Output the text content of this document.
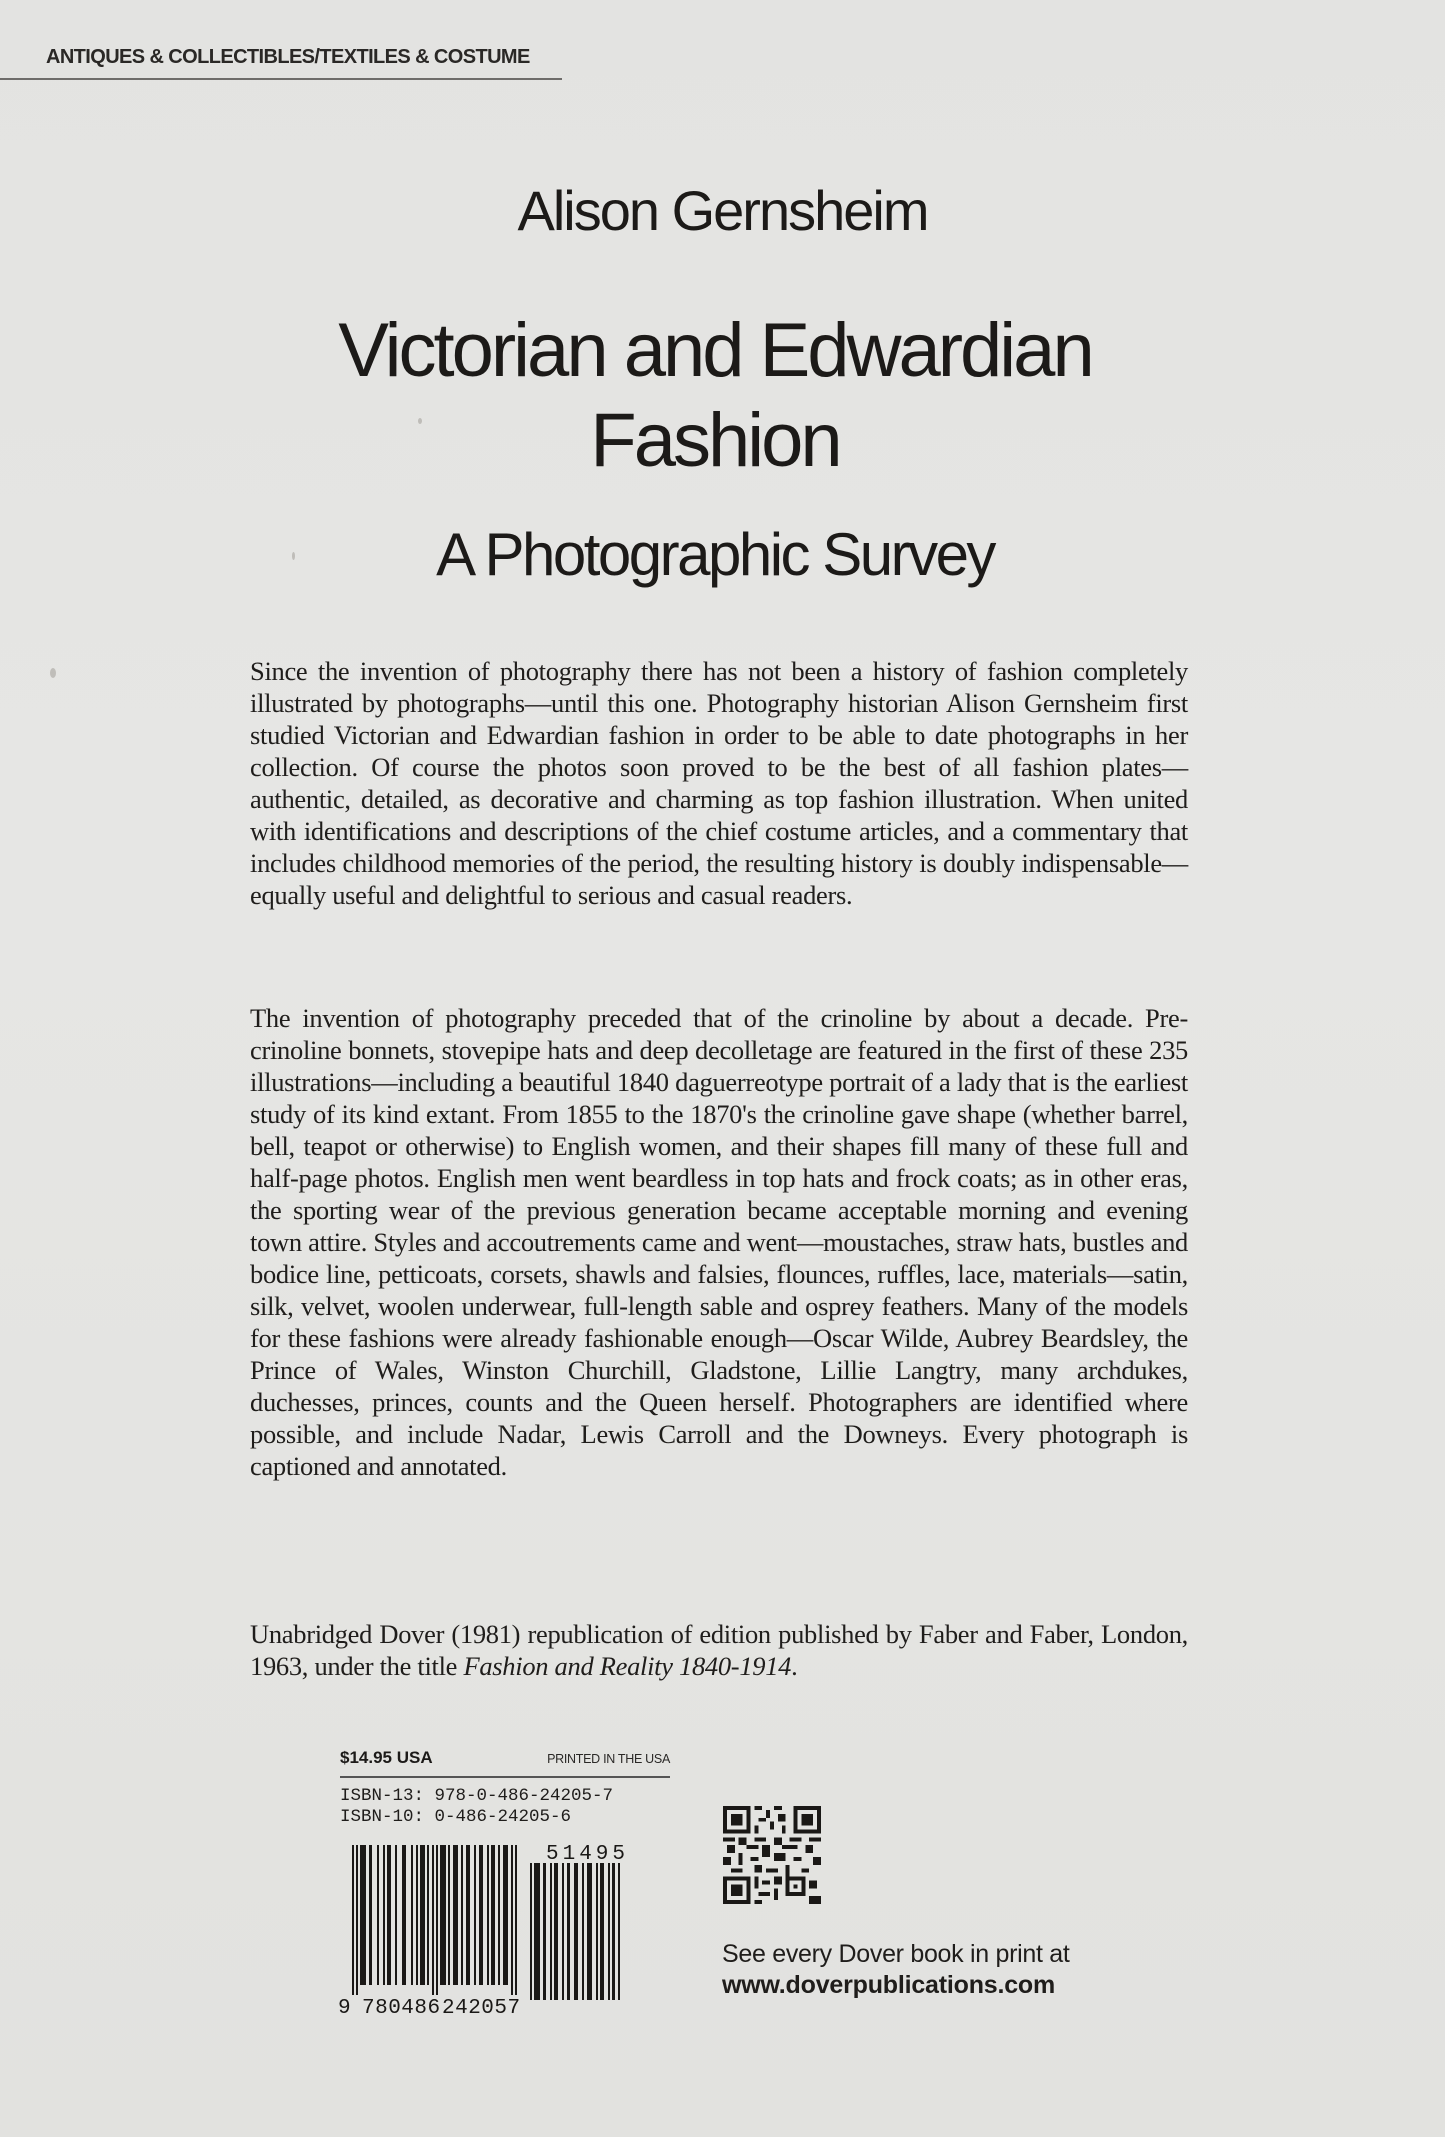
ANTIQUES & COLLECTIBLES/TEXTILES & COSTUME
Alison Gernsheim
Victorian and Edwardian
Fashion
A Photographic Survey
Since the invention of photography there has not been a history of fashion completely illustrated by photographs—until this one. Photography historian Alison Gernsheim first studied Victorian and Edwardian fashion in order to be able to date photographs in her collection. Of course the photos soon proved to be the best of all fashion plates—authentic, detailed, as decorative and charming as top fashion illustration. When united with identifications and descriptions of the chief costume articles, and a commentary that includes childhood memories of the period, the resulting history is doubly indispensable—equally useful and delightful to serious and casual readers.
The invention of photography preceded that of the crinoline by about a decade. Pre-crinoline bonnets, stovepipe hats and deep decolletage are featured in the first of these 235 illustrations—including a beautiful 1840 daguerreotype portrait of a lady that is the earliest study of its kind extant. From 1855 to the 1870's the crinoline gave shape (whether barrel, bell, teapot or otherwise) to English women, and their shapes fill many of these full and half-page photos. English men went beardless in top hats and frock coats; as in other eras, the sporting wear of the previous generation became acceptable morning and evening town attire. Styles and accoutrements came and went—moustaches, straw hats, bustles and bodice line, petticoats, corsets, shawls and falsies, flounces, ruffles, lace, materials—satin, silk, velvet, woolen underwear, full-length sable and osprey feathers. Many of the models for these fashions were already fashionable enough—Oscar Wilde, Aubrey Beardsley, the Prince of Wales, Winston Churchill, Gladstone, Lillie Langtry, many archdukes, duchesses, princes, counts and the Queen herself. Photographers are identified where possible, and include Nadar, Lewis Carroll and the Downeys. Every photograph is captioned and annotated.
Unabridged Dover (1981) republication of edition published by Faber and Faber, London, 1963, under the title Fashion and Reality 1840-1914.
$14.95 USA	PRINTED IN THE USA
ISBN-13: 978-0-486-24205-7
ISBN-10: 0-486-24205-6
9 780486 242057
51495
See every Dover book in print at
www.doverpublications.com
